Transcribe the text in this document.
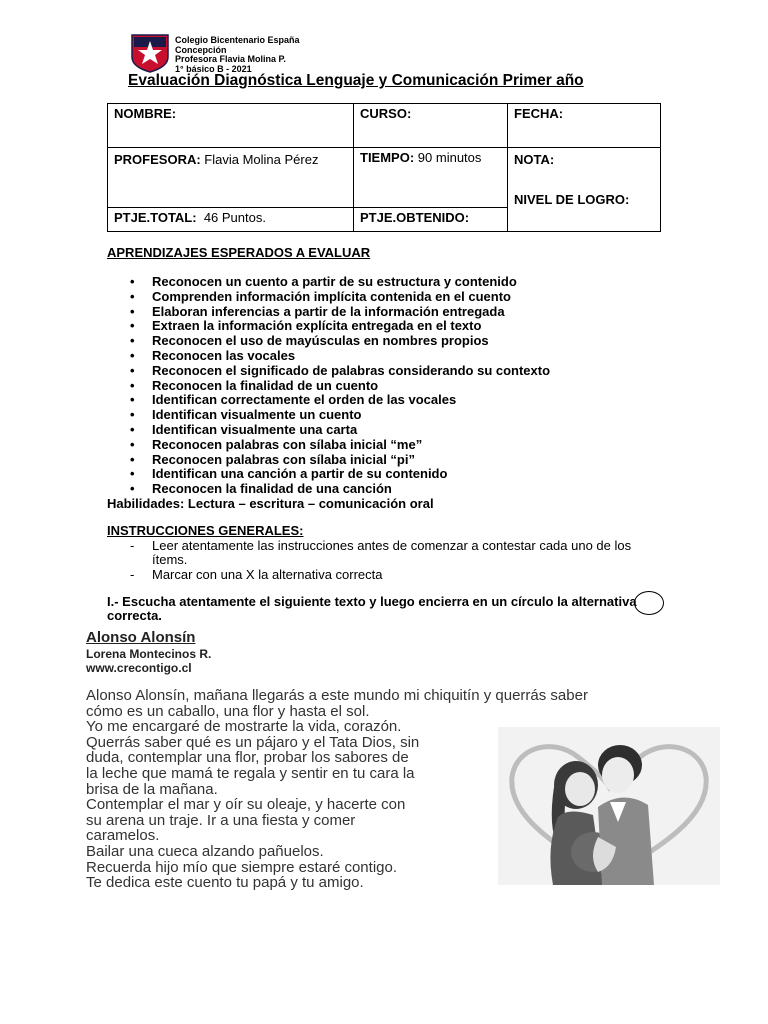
Colegio Bicentenario España
Concepción
Profesora Flavia Molina P.
1° básico B - 2021
Evaluación Diagnóstica Lenguaje y Comunicación Primer año
NOMBRE:	CURSO:	FECHA:
PROFESORA: Flavia Molina Pérez	TIEMPO: 90 minutos	NOTA:
NIVEL DE LOGRO:

PTJE.TOTAL: 46 Puntos.	PTJE.OBTENIDO:	
APRENDIZAJES ESPERADOS A EVALUAR
• Reconocen un cuento a partir de su estructura y contenido
• Comprenden información implícita contenida en el cuento
• Elaboran inferencias a partir de la información entregada
• Extraen la información explícita entregada en el texto
• Reconocen el uso de mayúsculas en nombres propios
• Reconocen las vocales
• Reconocen el significado de palabras considerando su contexto
• Reconocen la finalidad de un cuento
• Identifican correctamente el orden de las vocales
• Identifican visualmente un cuento
• Identifican visualmente una carta
• Reconocen palabras con sílaba inicial “me”
• Reconocen palabras con sílaba inicial “pi”
• Identifican una canción a partir de su contenido
• Reconocen la finalidad de una canción
Habilidades: Lectura – escritura – comunicación oral
INSTRUCCIONES GENERALES:
- Leer atentamente las instrucciones antes de comenzar a contestar cada uno de los ítems.
- Marcar con una X la alternativa correcta
I.- Escucha atentamente el siguiente texto y luego encierra en un círculo la alternativa correcta.
Alonso Alonsín
Lorena Montecinos R.
www.crecontigo.cl
Alonso Alonsín, mañana llegarás a este mundo mi chiquitín y querrás saber
cómo es un caballo, una flor y hasta el sol.
Yo me encargaré de mostrarte la vida, corazón.
Querrás saber qué es un pájaro y el Tata Dios, sin
duda, contemplar una flor, probar los sabores de
la leche que mamá te regala y sentir en tu cara la
brisa de la mañana.
Contemplar el mar y oír su oleaje, y hacerte con
su arena un traje. Ir a una fiesta y comer
caramelos.
Bailar una cueca alzando pañuelos.
Recuerda hijo mío que siempre estaré contigo.
Te dedica este cuento tu papá y tu amigo.
